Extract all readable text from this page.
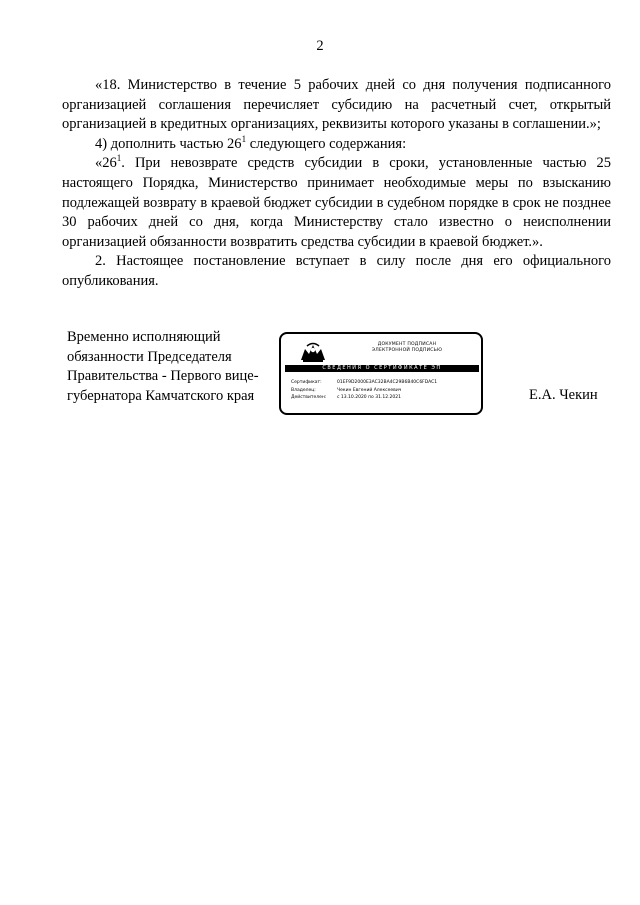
2

«18. Министерство в течение 5 рабочих дней со дня получения подписанного организацией соглашения перечисляет субсидию на расчетный счет, открытый организацией в кредитных организациях, реквизиты которого указаны в соглашении.»;

4) дополнить частью $26^1$ следующего содержания:

«$26^1$. При невозврате средств субсидии в сроки, установленные частью 25 настоящего Порядка, Министерство принимает необходимые меры по взысканию подлежащей возврату в краевой бюджет субсидии в судебном порядке в срок не позднее 30 рабочих дней со дня, когда Министерству стало известно о неисполнении организацией обязанности возвратить средства субсидии в краевой бюджет.».

2. Настоящее постановление вступает в силу после дня его официального опубликования.

Временно исполняющий
обязанности Председателя
Правительства - Первого вице-
губернатора Камчатского края
ДОКУМЕНТ ПОДПИСАН
ЭЛЕКТРОННОЙ ПОДПИСЬЮ
СВЕДЕНИЯ О СЕРТИФИКАТЕ ЭП
Сертификат:	01EF9D2000E3AC32BA4C29B6B40C6FDAC1
Владелец:	Чекин Евгений Алексеевич
Действителен: с 13.10.2020 по 31.12.2021	Е.А. Чекин
